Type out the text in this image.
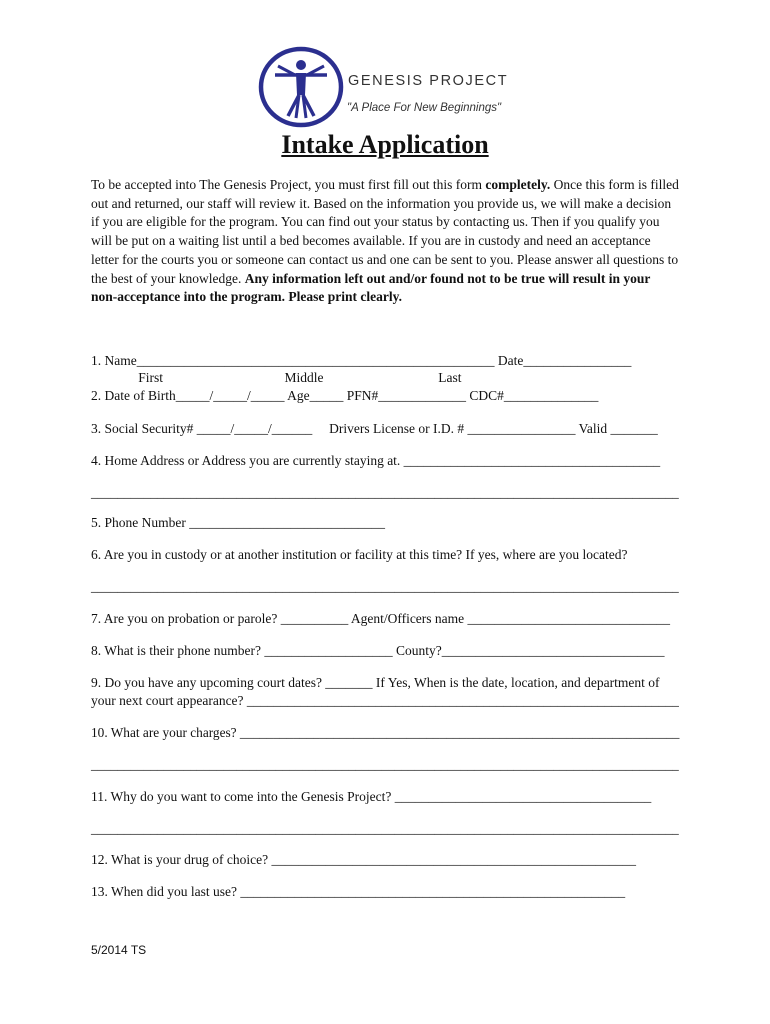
GENESIS PROJECT
"A Place For New Beginnings"
Intake Application
To be accepted into The Genesis Project, you must first fill out this form completely. Once this form is filled out and returned, our staff will review it. Based on the information you provide us, we will make a decision if you are eligible for the program. You can find out your status by contacting us. Then if you qualify you will be put on a waiting list until a bed becomes available. If you are in custody and need an acceptance letter for the courts you or someone can contact us and one can be sent to you. Please answer all questions to the best of your knowledge. Any information left out and/or found not to be true will result in your non-acceptance into the program. Please print clearly.
1. Name_____________________________________________________ Date________________
First                                    Middle                                  Last
2. Date of Birth_____/_____/_____ Age_____ PFN#_____________ CDC#______________
3. Social Security# _____/_____/______     Drivers License or I.D. # ________________ Valid _______
4. Home Address or Address you are currently staying at. ______________________________________
_________________________________________________________________________________________
5. Phone Number _____________________________
6. Are you in custody or at another institution or facility at this time? If yes, where are you located?
_________________________________________________________________________________________
7. Are you on probation or parole? __________ Agent/Officers name ______________________________
8. What is their phone number? ___________________ County?_________________________________
9. Do you have any upcoming court dates? _______ If Yes, When is the date, location, and department of
your next court appearance? ________________________________________________________________
10. What are your charges? __________________________________________________________________
_________________________________________________________________________________________
11. Why do you want to come into the Genesis Project? ______________________________________
_________________________________________________________________________________________
12. What is your drug of choice? ______________________________________________________
13. When did you last use? _________________________________________________________
5/2014 TS
